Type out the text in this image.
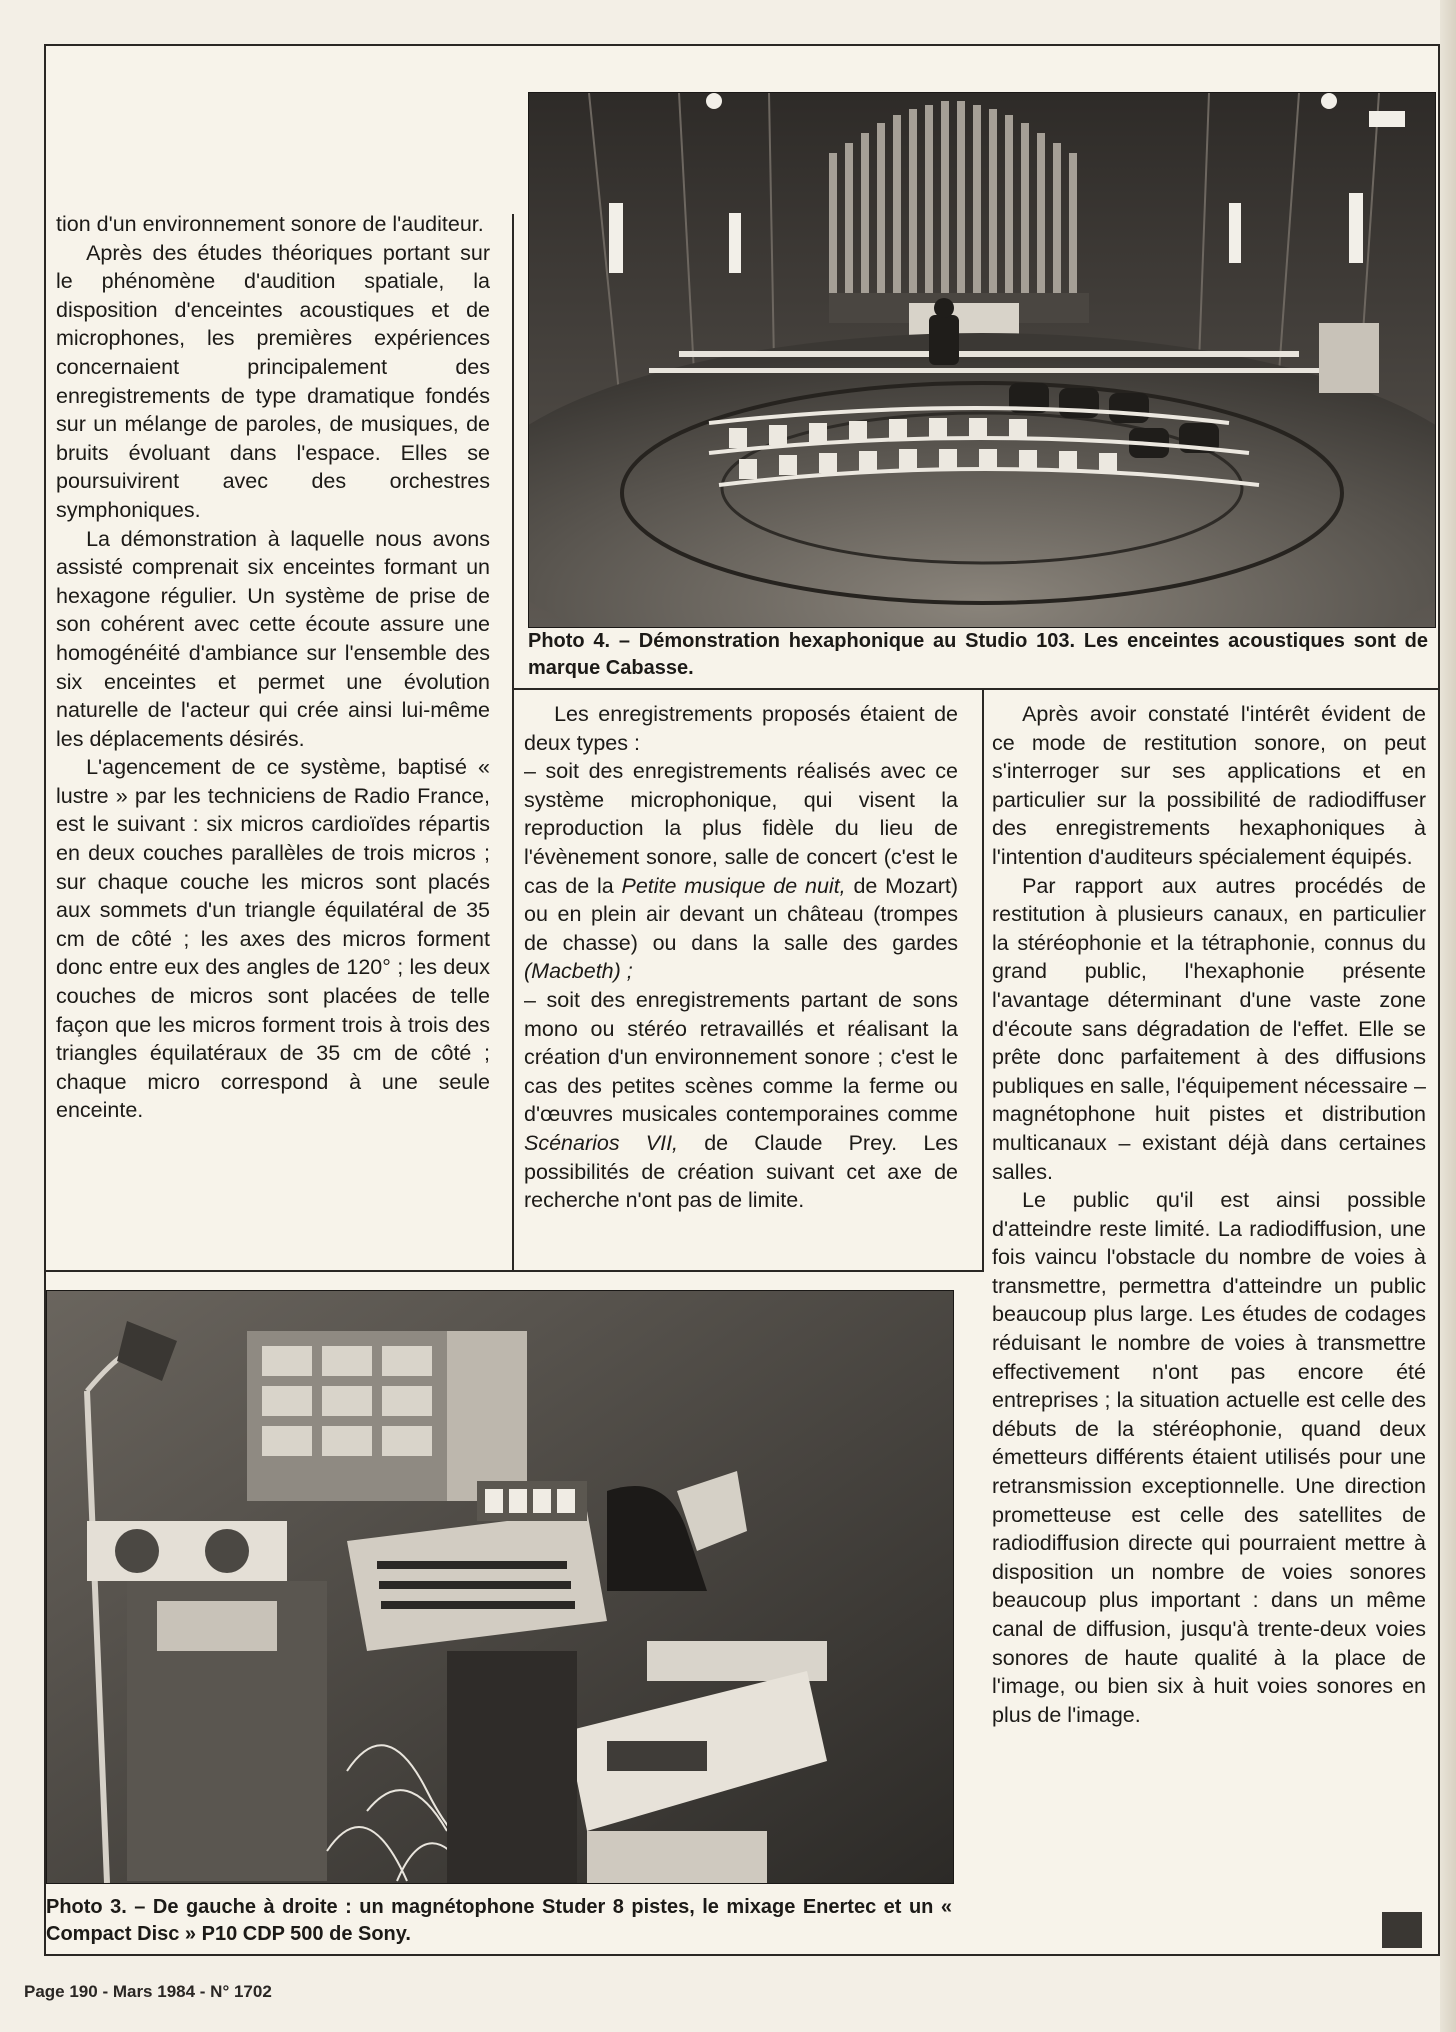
tion d'un environnement sonore de l'auditeur.

Après des études théoriques portant sur le phénomène d'audition spatiale, la disposition d'enceintes acoustiques et de microphones, les premières expériences concernaient principalement des enregistrements de type dramatique fondés sur un mélange de paroles, de musiques, de bruits évoluant dans l'espace. Elles se poursuivirent avec des orchestres symphoniques.

La démonstration à laquelle nous avons assisté comprenait six enceintes formant un hexagone régulier. Un système de prise de son cohérent avec cette écoute assure une homogénéité d'ambiance sur l'ensemble des six enceintes et permet une évolution naturelle de l'acteur qui crée ainsi lui-même les déplacements désirés.

L'agencement de ce système, baptisé « lustre » par les techniciens de Radio France, est le suivant : six micros cardioïdes répartis en deux couches parallèles de trois micros ; sur chaque couche les micros sont placés aux sommets d'un triangle équilatéral de 35 cm de côté ; les axes des micros forment donc entre eux des angles de 120° ; les deux couches de micros sont placées de telle façon que les micros forment trois à trois des triangles équilatéraux de 35 cm de côté ; chaque micro correspond à une seule enceinte.

Photo 4. – Démonstration hexaphonique au Studio 103. Les enceintes acoustiques sont de marque Cabasse.

Les enregistrements proposés étaient de deux types :

– soit des enregistrements réalisés avec ce système microphonique, qui visent la reproduction la plus fidèle du lieu de l'évènement sonore, salle de concert (c'est le cas de la Petite musique de nuit, de Mozart) ou en plein air devant un château (trompes de chasse) ou dans la salle des gardes (Macbeth) ;

– soit des enregistrements partant de sons mono ou stéréo retravaillés et réalisant la création d'un environnement sonore ; c'est le cas des petites scènes comme la ferme ou d'œuvres musicales contemporaines comme Scénarios VII, de Claude Prey. Les possibilités de création suivant cet axe de recherche n'ont pas de limite.

Après avoir constaté l'intérêt évident de ce mode de restitution sonore, on peut s'interroger sur ses applications et en particulier sur la possibilité de radiodiffuser des enregistrements hexaphoniques à l'intention d'auditeurs spécialement équipés.

Par rapport aux autres procédés de restitution à plusieurs canaux, en particulier la stéréophonie et la tétraphonie, connus du grand public, l'hexaphonie présente l'avantage déterminant d'une vaste zone d'écoute sans dégradation de l'effet. Elle se prête donc parfaitement à des diffusions publiques en salle, l'équipement nécessaire – magnétophone huit pistes et distribution multicanaux – existant déjà dans certaines salles.

Le public qu'il est ainsi possible d'atteindre reste limité. La radiodiffusion, une fois vaincu l'obstacle du nombre de voies à transmettre, permettra d'atteindre un public beaucoup plus large. Les études de codages réduisant le nombre de voies à transmettre effectivement n'ont pas encore été entreprises ; la situation actuelle est celle des débuts de la stéréophonie, quand deux émetteurs différents étaient utilisés pour une retransmission exceptionnelle. Une direction prometteuse est celle des satellites de radiodiffusion directe qui pourraient mettre à disposition un nombre de voies sonores beaucoup plus important : dans un même canal de diffusion, jusqu'à trente-deux voies sonores de haute qualité à la place de l'image, ou bien six à huit voies sonores en plus de l'image.

Photo 3. – De gauche à droite : un magnétophone Studer 8 pistes, le mixage Enertec et un « Compact Disc » P10 CDP 500 de Sony.

Page 190 - Mars 1984 - N° 1702
